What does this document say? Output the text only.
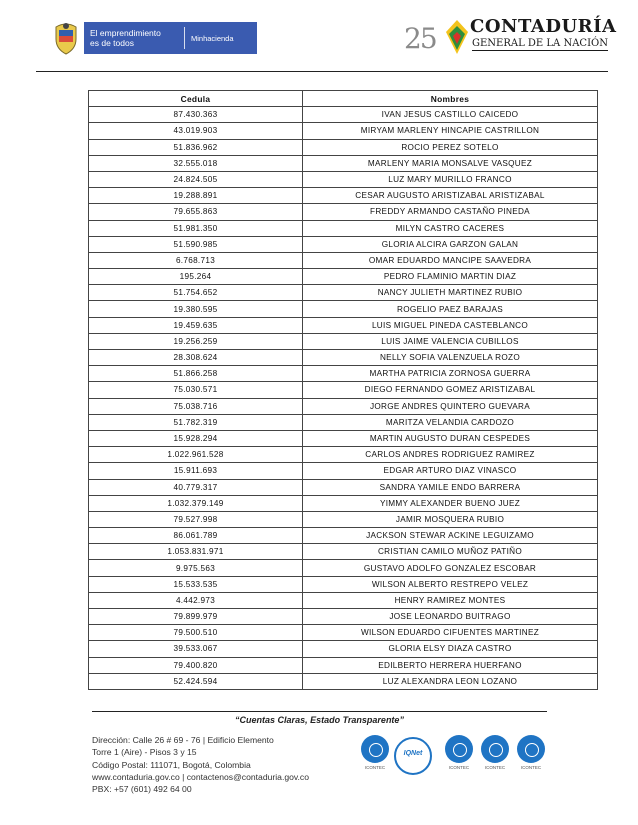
El emprendimiento
es de todos	Minhacienda	25 CONTADURÍA
GENERAL DE LA NACIÓN
Cedula	Nombres
87.430.363	IVAN JESUS CASTILLO CAICEDO
43.019.903	MIRYAM MARLENY HINCAPIE CASTRILLON
51.836.962	ROCIO PEREZ SOTELO
32.555.018	MARLENY MARIA MONSALVE VASQUEZ
24.824.505	LUZ MARY MURILLO FRANCO
19.288.891	CESAR AUGUSTO ARISTIZABAL ARISTIZABAL
79.655.863	FREDDY ARMANDO CASTAÑO PINEDA
51.981.350	MILYN CASTRO CACERES
51.590.985	GLORIA ALCIRA GARZON GALAN
6.768.713	OMAR EDUARDO MANCIPE SAAVEDRA
195.264	PEDRO FLAMINIO MARTIN DIAZ
51.754.652	NANCY JULIETH MARTINEZ RUBIO
19.380.595	ROGELIO PAEZ BARAJAS
19.459.635	LUIS MIGUEL PINEDA CASTEBLANCO
19.256.259	LUIS JAIME VALENCIA CUBILLOS
28.308.624	NELLY SOFIA VALENZUELA ROZO
51.866.258	MARTHA PATRICIA ZORNOSA GUERRA
75.030.571	DIEGO FERNANDO GOMEZ ARISTIZABAL
75.038.716	JORGE ANDRES QUINTERO GUEVARA
51.782.319	MARITZA VELANDIA CARDOZO
15.928.294	MARTIN AUGUSTO DURAN CESPEDES
1.022.961.528	CARLOS ANDRES RODRIGUEZ RAMIREZ
15.911.693	EDGAR ARTURO DIAZ VINASCO
40.779.317	SANDRA YAMILE ENDO BARRERA
1.032.379.149	YIMMY ALEXANDER BUENO JUEZ
79.527.998	JAMIR MOSQUERA RUBIO
86.061.789	JACKSON STEWAR ACKINE LEGUIZAMO
1.053.831.971	CRISTIAN CAMILO MUÑOZ PATIÑO
9.975.563	GUSTAVO ADOLFO GONZALEZ ESCOBAR
15.533.535	WILSON ALBERTO RESTREPO VELEZ
4.442.973	HENRY RAMIREZ MONTES
79.899.979	JOSE LEONARDO BUITRAGO
79.500.510	WILSON EDUARDO CIFUENTES MARTINEZ
39.533.067	GLORIA ELSY DIAZA CASTRO
79.400.820	EDILBERTO HERRERA HUERFANO
52.424.594	LUZ ALEXANDRA LEON LOZANO
“Cuentas Claras, Estado Transparente”
Dirección: Calle 26 # 69 - 76 | Edificio Elemento
Torre 1 (Aire) - Pisos 3 y 15
Código Postal: 111071, Bogotá, Colombia
www.contaduria.gov.co | contactenos@contaduria.gov.co
PBX: +57 (601) 492 64 00
ICONTEC
IQNet
ICONTEC	ICONTEC	ICONTEC
